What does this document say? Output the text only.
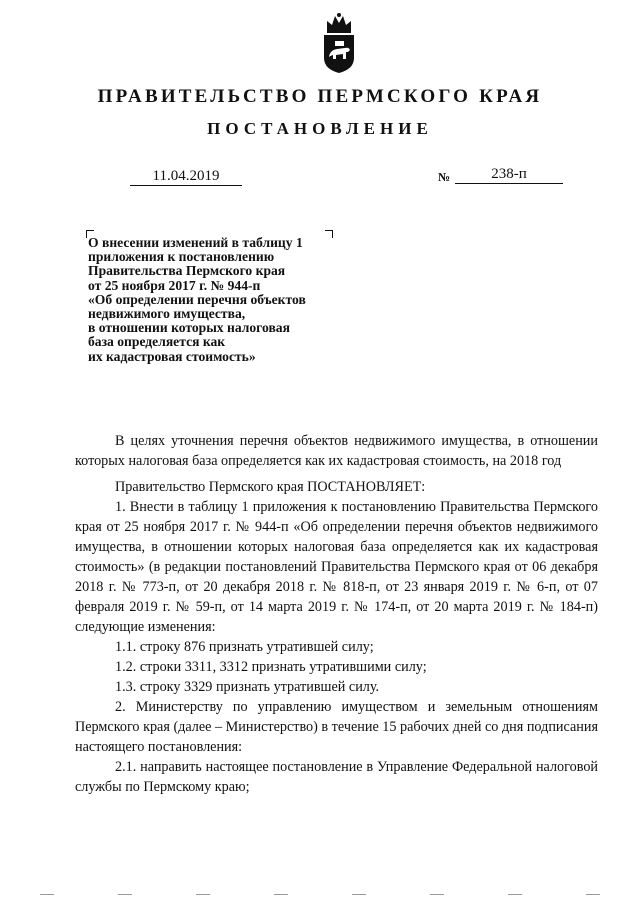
ПРАВИТЕЛЬСТВО ПЕРМСКОГО КРАЯ
ПОСТАНОВЛЕНИЕ
11.04.2019	№	238-п
О внесении изменений в таблицу 1
приложения к постановлению
Правительства Пермского края
от 25 ноября 2017 г. № 944-п
«Об определении перечня объектов
недвижимого имущества,
в отношении которых налоговая
база определяется как
их кадастровая стоимость»

В целях уточнения перечня объектов недвижимого имущества, в отношении которых налоговая база определяется как их кадастровая стоимость, на 2018 год

Правительство Пермского края ПОСТАНОВЛЯЕТ:

1. Внести в таблицу 1 приложения к постановлению Правительства Пермского края от 25 ноября 2017 г. № 944-п «Об определении перечня объектов недвижимого имущества, в отношении которых налоговая база определяется как их кадастровая стоимость» (в редакции постановлений Правительства Пермского края от 06 декабря 2018 г. № 773-п, от 20 декабря 2018 г. № 818-п, от 23 января 2019 г. № 6-п, от 07 февраля 2019 г. № 59-п, от 14 марта 2019 г. № 174-п, от 20 марта 2019 г. № 184-п) следующие изменения:

1.1. строку 876 признать утратившей силу;

1.2. строки 3311, 3312 признать утратившими силу;

1.3. строку 3329 признать утратившей силу.

2. Министерству по управлению имуществом и земельным отношениям Пермского края (далее – Министерство) в течение 15 рабочих дней со дня подписания настоящего постановления:

2.1. направить настоящее постановление в Управление Федеральной налоговой службы по Пермскому краю;
